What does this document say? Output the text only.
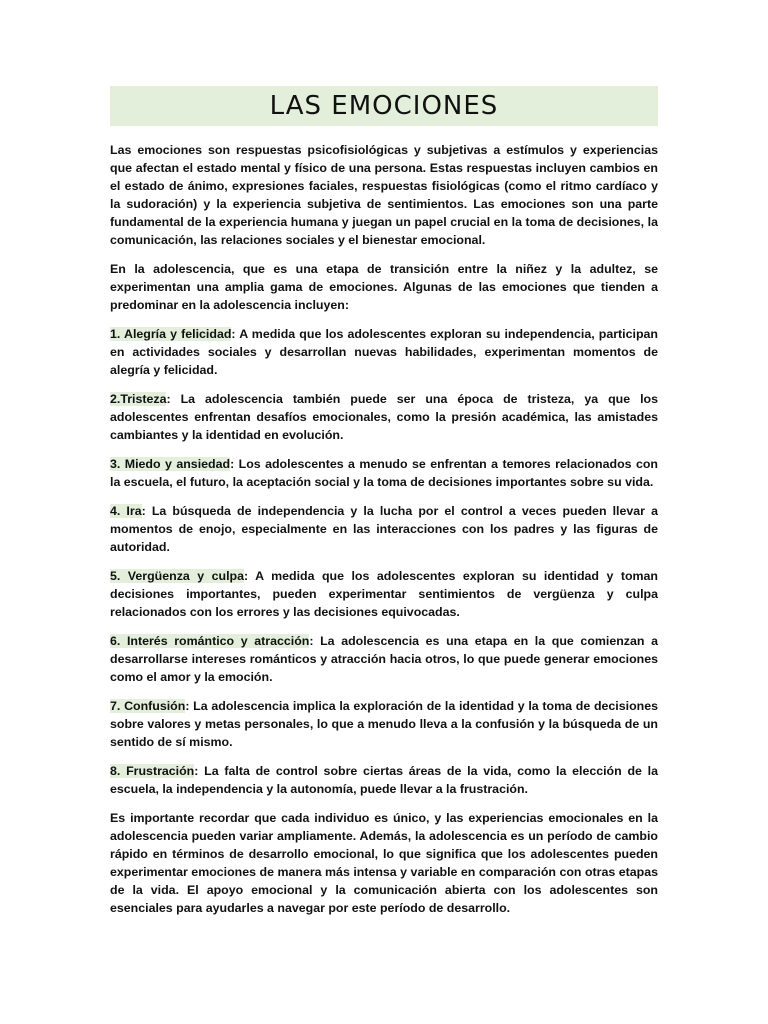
LAS EMOCIONES

Las emociones son respuestas psicofisiológicas y subjetivas a estímulos y experiencias que afectan el estado mental y físico de una persona. Estas respuestas incluyen cambios en el estado de ánimo, expresiones faciales, respuestas fisiológicas (como el ritmo cardíaco y la sudoración) y la experiencia subjetiva de sentimientos. Las emociones son una parte fundamental de la experiencia humana y juegan un papel crucial en la toma de decisiones, la comunicación, las relaciones sociales y el bienestar emocional.

En la adolescencia, que es una etapa de transición entre la niñez y la adultez, se experimentan una amplia gama de emociones. Algunas de las emociones que tienden a predominar en la adolescencia incluyen:

1. Alegría y felicidad: A medida que los adolescentes exploran su independencia, participan en actividades sociales y desarrollan nuevas habilidades, experimentan momentos de alegría y felicidad.

2.Tristeza: La adolescencia también puede ser una época de tristeza, ya que los adolescentes enfrentan desafíos emocionales, como la presión académica, las amistades cambiantes y la identidad en evolución.

3. Miedo y ansiedad: Los adolescentes a menudo se enfrentan a temores relacionados con la escuela, el futuro, la aceptación social y la toma de decisiones importantes sobre su vida.

4. Ira: La búsqueda de independencia y la lucha por el control a veces pueden llevar a momentos de enojo, especialmente en las interacciones con los padres y las figuras de autoridad.

5. Vergüenza y culpa: A medida que los adolescentes exploran su identidad y toman decisiones importantes, pueden experimentar sentimientos de vergüenza y culpa relacionados con los errores y las decisiones equivocadas.

6. Interés romántico y atracción: La adolescencia es una etapa en la que comienzan a desarrollarse intereses románticos y atracción hacia otros, lo que puede generar emociones como el amor y la emoción.

7. Confusión: La adolescencia implica la exploración de la identidad y la toma de decisiones sobre valores y metas personales, lo que a menudo lleva a la confusión y la búsqueda de un sentido de sí mismo.

8. Frustración: La falta de control sobre ciertas áreas de la vida, como la elección de la escuela, la independencia y la autonomía, puede llevar a la frustración.

Es importante recordar que cada individuo es único, y las experiencias emocionales en la adolescencia pueden variar ampliamente. Además, la adolescencia es un período de cambio rápido en términos de desarrollo emocional, lo que significa que los adolescentes pueden experimentar emociones de manera más intensa y variable en comparación con otras etapas de la vida. El apoyo emocional y la comunicación abierta con los adolescentes son esenciales para ayudarles a navegar por este período de desarrollo.
